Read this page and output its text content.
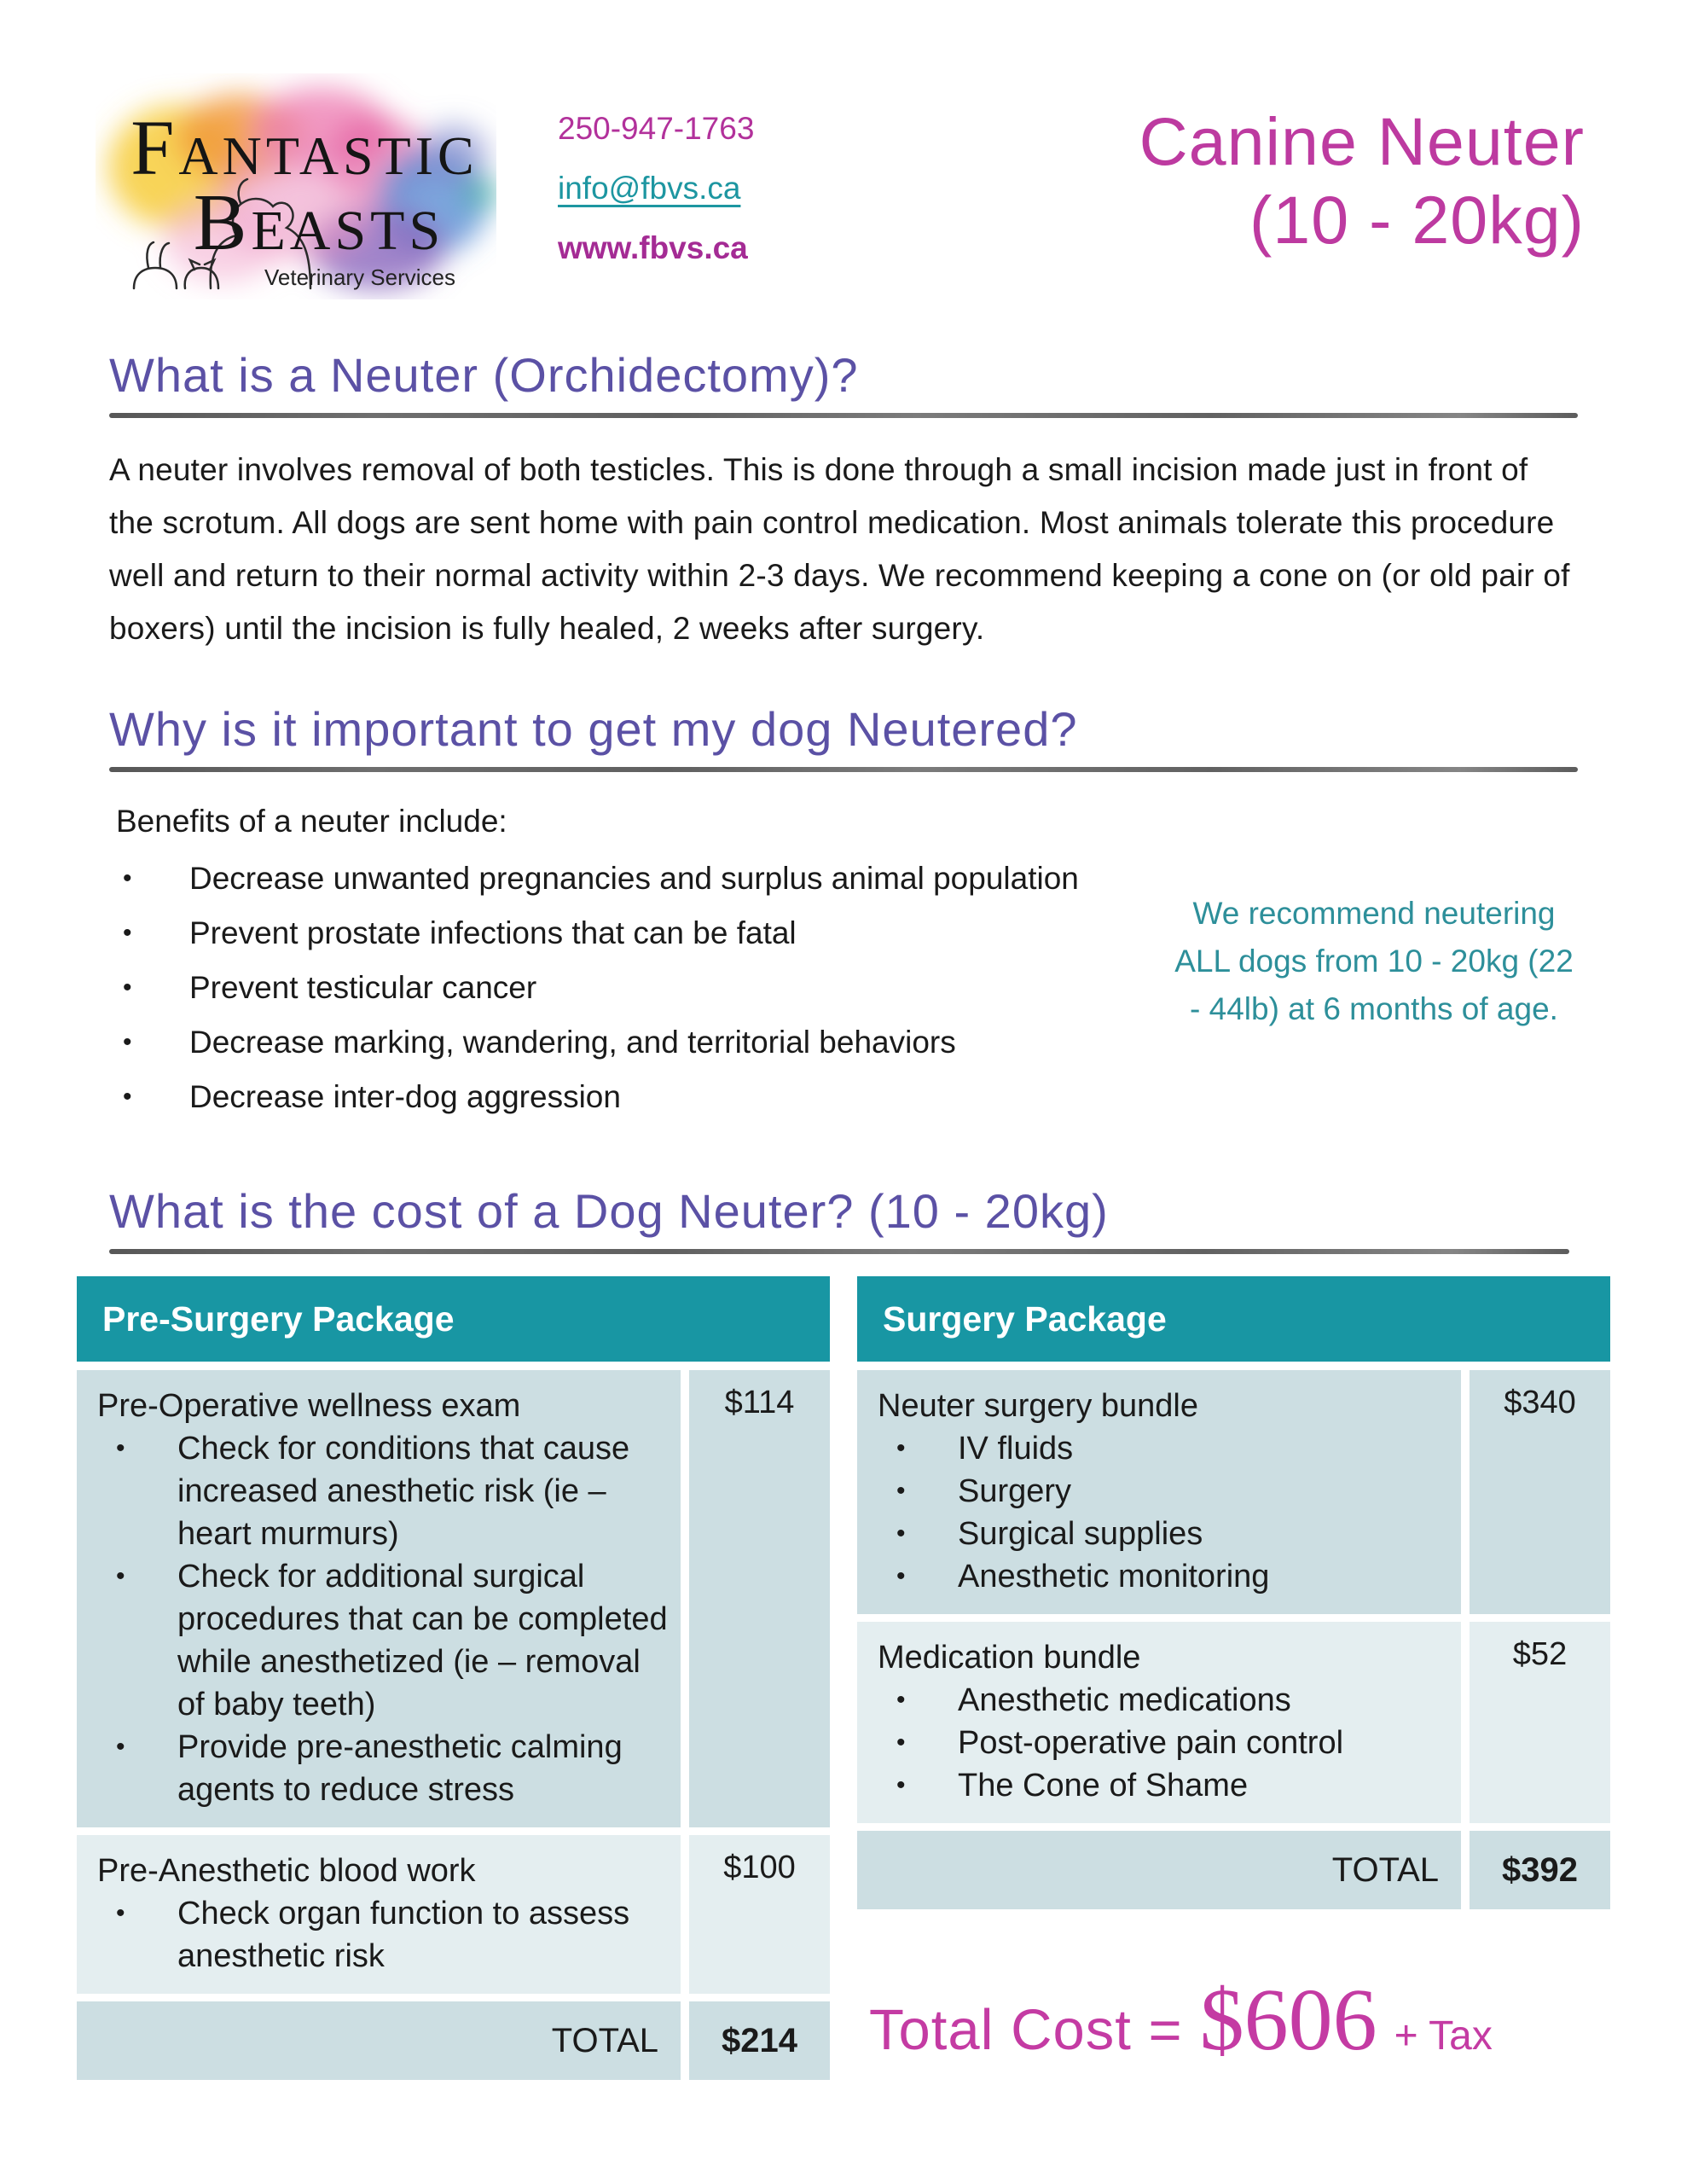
FANTASTIC
BEASTS
Veterinary Services
250-947-1763
info@fbvs.ca
www.fbvs.ca
Canine Neuter
(10 - 20kg)
What is a Neuter (Orchidectomy)?
A neuter involves removal of both testicles. This is done through a small incision made just in front of the scrotum. All dogs are sent home with pain control medication. Most animals tolerate this procedure well and return to their normal activity within 2-3 days. We recommend keeping a cone on (or old pair of boxers) until the incision is fully healed, 2 weeks after surgery.
Why is it important to get my dog Neutered?
Benefits of a neuter include:
•	Decrease unwanted pregnancies and surplus animal population
•	Prevent prostate infections that can be fatal
•	Prevent testicular cancer
•	Decrease marking, wandering, and territorial behaviors
•	Decrease inter-dog aggression
We recommend neutering ALL dogs from 10 - 20kg (22 - 44lb) at 6 months of age.
What is the cost of a Dog Neuter? (10 - 20kg)
Pre-Surgery Package
Pre-Operative wellness exam
•	Check for conditions that cause increased anesthetic risk (ie – heart murmurs)
•	Check for additional surgical procedures that can be completed while anesthetized (ie – removal of baby teeth)
•	Provide pre-anesthetic calming agents to reduce stress
$114
Pre-Anesthetic blood work
•	Check organ function to assess anesthetic risk
$100
TOTAL	$214
Surgery Package
Neuter surgery bundle
•	IV fluids
•	Surgery
•	Surgical supplies
•	Anesthetic monitoring
$340
Medication bundle
•	Anesthetic medications
•	Post-operative pain control
•	The Cone of Shame
$52
TOTAL	$392
Total Cost = $606 + Tax
